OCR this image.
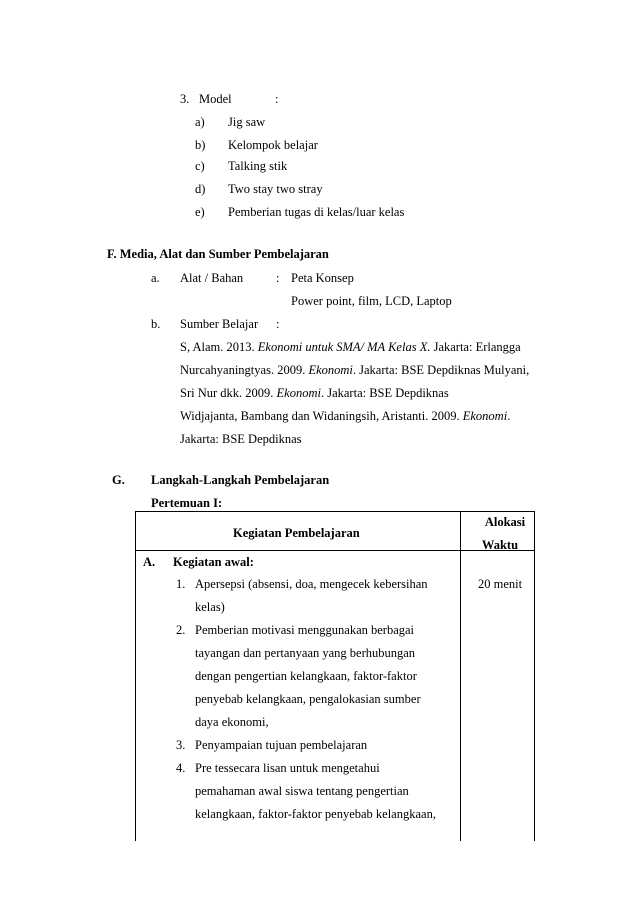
3. Model	:
a) Jig saw
b) Kelompok belajar
c) Talking stik
d) Two stay two stray
e) Pemberian tugas di kelas/luar kelas
F. Media, Alat dan Sumber Pembelajaran
a. Alat / Bahan	: Peta Konsep
Power point, film, LCD, Laptop
b. Sumber Belajar :
S, Alam. 2013. Ekonomi untuk SMA/ MA Kelas X. Jakarta: Erlangga
Nurcahyaningtyas. 2009. Ekonomi. Jakarta: BSE Depdiknas Mulyani,
Sri Nur dkk. 2009. Ekonomi. Jakarta: BSE Depdiknas
Widjajanta, Bambang dan Widaningsih, Aristanti. 2009. Ekonomi.
Jakarta: BSE Depdiknas
G. Langkah-Langkah Pembelajaran
Pertemuan I:
Kegiatan Pembelajaran
Alokasi
Waktu
A. Kegiatan awal:
20 menit
1. Apersepsi (absensi, doa, mengecek kebersihan
kelas)
2. Pemberian motivasi menggunakan berbagai
tayangan dan pertanyaan yang berhubungan
dengan pengertian kelangkaan, faktor-faktor
penyebab kelangkaan, pengalokasian sumber
daya ekonomi,
3. Penyampaian tujuan pembelajaran
4. Pre tessecara lisan untuk mengetahui
pemahaman awal siswa tentang pengertian
kelangkaan, faktor-faktor penyebab kelangkaan,
